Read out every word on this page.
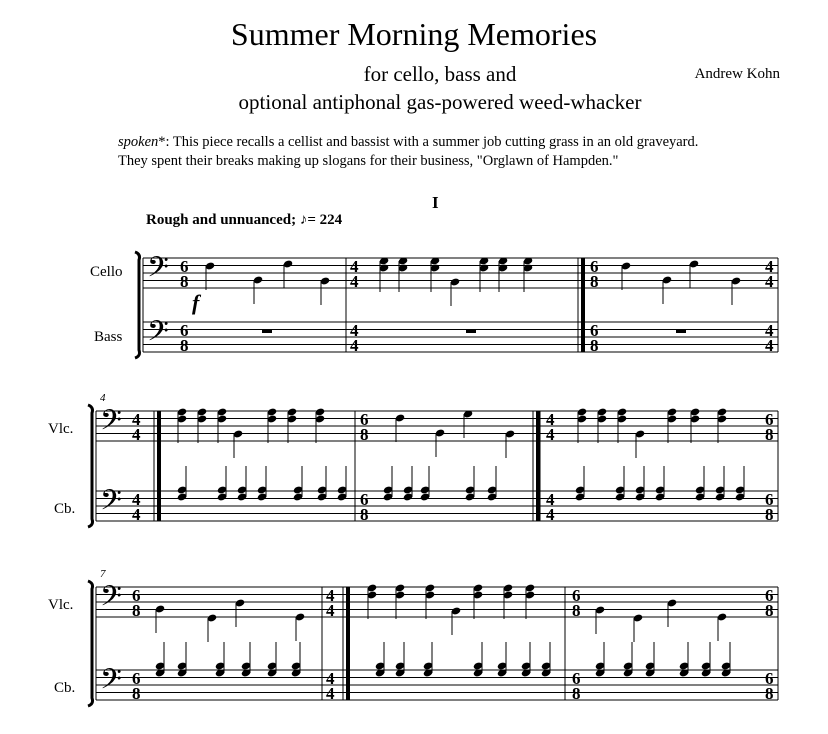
Summer Morning Memories
for cello, bass and
optional antiphonal gas-powered weed-whacker
Andrew Kohn
spoken*: This piece recalls a cellist and bassist with a summer job cutting grass in an old graveyard.
They spent their breaks making up slogans for their business, "Orglawn of Hampden."
I
Rough and unnuanced; ♪= 224
Cello
Bass
Vlc.
Cb.
Vlc.
Cb.
4
7
f
𝄢
𝄢
𝄢
𝄢
𝄢
𝄢
6
8
6
8
4
4
4
4
6
8
6
8
4
4
4
4
4
4
4
4
6
8
6
8
4
4
4
4
6
8
6
8
6
8
6
8
4
4
4
4
6
8
6
8
6
8
6
8
